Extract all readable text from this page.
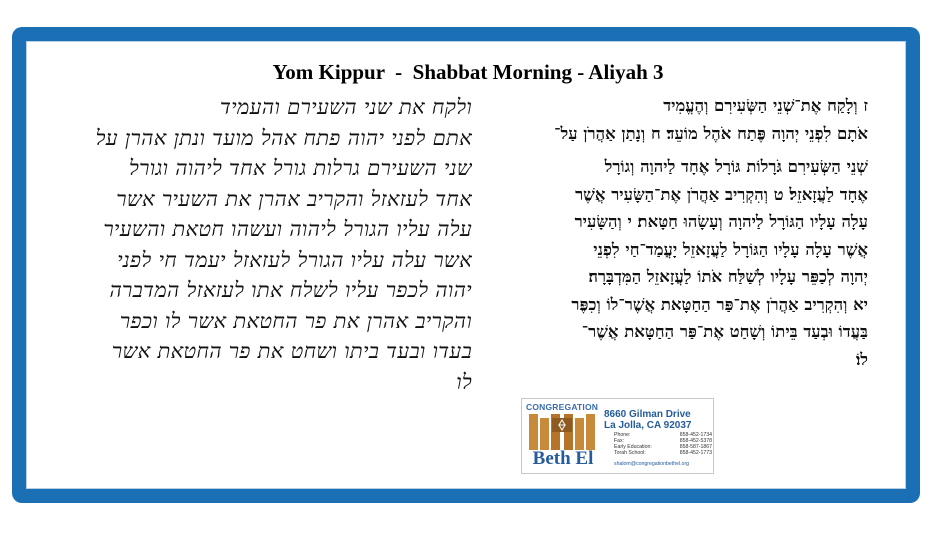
Yom Kippur  -  Shabbat Morning - Aliyah 3
ולקח את שני השעירם והעמיד
אתם לפני יהוה פתח אהל מועד ונתן אהרן על
שני השעירם גרלות גורל אחד ליהוה וגורל
אחד לעזאזל והקריב אהרן את השעיר אשר
עלה עליו הגורל ליהוה ועשהו חטאת והשעיר
אשר עלה עליו הגורל לעזאזל יעמד חי לפני
יהוה לכפר עליו לשלח אתו לעזאזל המדברה
והקריב אהרן את פר החטאת אשר לו וכפר
בעדו ובעד ביתו ושחט את פר החטאת אשר
לו
ז וְלָקַח אֶת־שְׁנֵי הַשְּׂעִירִם וְהֶעֱמִיד
אֹתָם לִפְנֵי יְהוָה פֶּתַח אֹהֶל מוֹעֵד׃ ח וְנָתַן אַהֲרֹן עַל־
שְׁנֵי הַשְּׂעִירִם גֹּרָלוֹת גּוֹרָל אֶחָד לַיהוָה וְגוֹרָל
אֶחָד לַעֲזָאזֵל׃ ט וְהִקְרִיב אַהֲרֹן אֶת־הַשָּׂעִיר אֲשֶׁר
עָלָה עָלָיו הַגּוֹרָל לַיהוָה וְעָשָׂהוּ חַטָּאת׃ י וְהַשָּׂעִיר
אֲשֶׁר עָלָה עָלָיו הַגּוֹרָל לַעֲזָאזֵל יָעֳמַד־חַי לִפְנֵי
יְהוָה לְכַפֵּר עָלָיו לְשַׁלַּח אֹתוֹ לַעֲזָאזֵל הַמִּדְבָּרָה׃
יא וְהִקְרִיב אַהֲרֹן אֶת־פַּר הַחַטָּאת אֲשֶׁר־לוֹ וְכִפֶּר
בַּעֲדוֹ וּבְעַד בֵּיתוֹ וְשָׁחַט אֶת־פַּר הַחַטָּאת אֲשֶׁר־
לוֹ׃
CONGREGATION
Beth El
8660 Gilman Drive
La Jolla, CA 92037
Phone:	858-452-1734
Fax:	858-452-5378
Early Education:	858-587-1867
Torah School:	858-452-1773
shalom@congregationbethel.org
